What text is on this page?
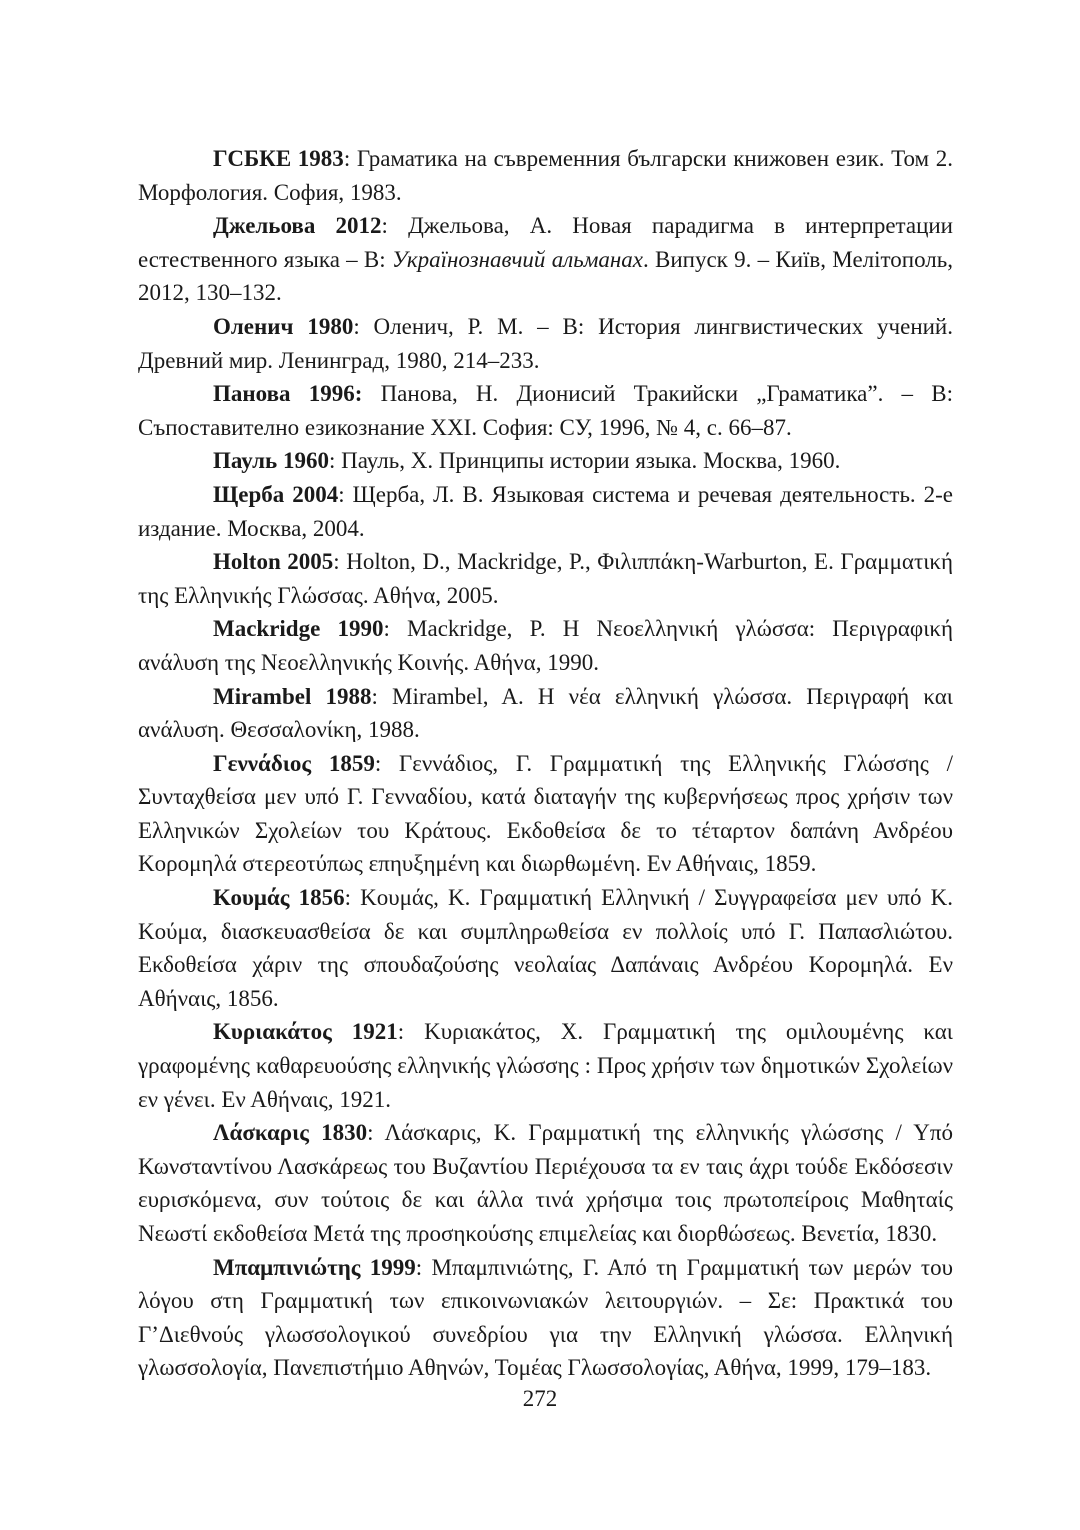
ГСБКЕ 1983: Граматика на съвременния български книжовен език. Том 2. Морфология. София, 1983.

Джельова 2012: Джельова, А. Новая парадигма в интерпретации естественного языка – В: Українознавчий альманах. Випуск 9. – Київ, Мелітополь, 2012, 130–132.

Оленич 1980: Оленич, Р. М. – В: История лингвистических учений. Древний мир. Ленинград, 1980, 214–233.

Панова 1996: Панова, Н. Дионисий Тракийски „Граматика”. – В: Съпоставително езикознание XXI. София: СУ, 1996, № 4, с. 66–87.

Пауль 1960: Пауль, Х. Принципы истории языка. Москва, 1960.

Щерба 2004: Щерба, Л. В. Языковая система и речевая деятельность. 2-е издание. Москва, 2004.

Holton 2005: Holton, D., Mackridge, P., Φιλιππάκη-Warburton, E. Γραμματική της Ελληνικής Γλώσσας. Αθήνα, 2005.

Mackridge 1990: Mackridge, P. Η Νεοελληνική γλώσσα: Περιγραφική ανάλυση της Νεοελληνικής Κοινής. Αθήνα, 1990.

Mirambel 1988: Mirambel, A. Η νέα ελληνική γλώσσα. Περιγραφή και ανάλυση. Θεσσαλονίκη, 1988.

Γεννάδιος 1859: Γεννάδιος, Γ. Γραμματική της Ελληνικής Γλώσσης / Συνταχθείσα μεν υπό Γ. Γενναδίου, κατά διαταγήν της κυβερνήσεως προς χρήσιν των Ελληνικών Σχολείων του Κράτους. Εκδοθείσα δε το τέταρτον δαπάνη Ανδρέου Κορομηλά στερεοτύπως επηυξημένη και διωρθωμένη. Εν Αθήναις, 1859.

Κουμάς 1856: Κουμάς, Κ. Γραμματική Ελληνική / Συγγραφείσα μεν υπό Κ. Κούμα, διασκευασθείσα δε και συμπληρωθείσα εν πολλοίς υπό Γ. Παπασλιώτου. Εκδοθείσα χάριν της σπουδαζούσης νεολαίας Δαπάναις Ανδρέου Κορομηλά. Εν Αθήναις, 1856.

Κυριακάτος 1921: Κυριακάτος, Χ. Γραμματική της ομιλουμένης και γραφομένης καθαρευούσης ελληνικής γλώσσης : Προς χρήσιν των δημοτικών Σχολείων εν γένει. Εν Αθήναις, 1921.

Λάσκαρις 1830: Λάσκαρις, Κ. Γραμματική της ελληνικής γλώσσης / Υπό Κωνσταντίνου Λασκάρεως του Βυζαντίου Περιέχουσα τα εν ταις άχρι τούδε Εκδόσεσιν ευρισκόμενα, συν τούτοις δε και άλλα τινά χρήσιμα τοις πρωτοπείροις Μαθηταίς Νεωστί εκδοθείσα Μετά της προσηκούσης επιμελείας και διορθώσεως. Βενετία, 1830.

Μπαμπινιώτης 1999: Μπαμπινιώτης, Γ. Από τη Γραμματική των μερών του λόγου στη Γραμματική των επικοινωνιακών λειτουργιών. – Σε: Πρακτικά του Γ’Διεθνούς γλωσσολογικού συνεδρίου για την Ελληνική γλώσσα. Ελληνική γλωσσολογία, Πανεπιστήμιο Αθηνών, Τομέας Γλωσσολογίας, Αθήνα, 1999, 179–183.

272
